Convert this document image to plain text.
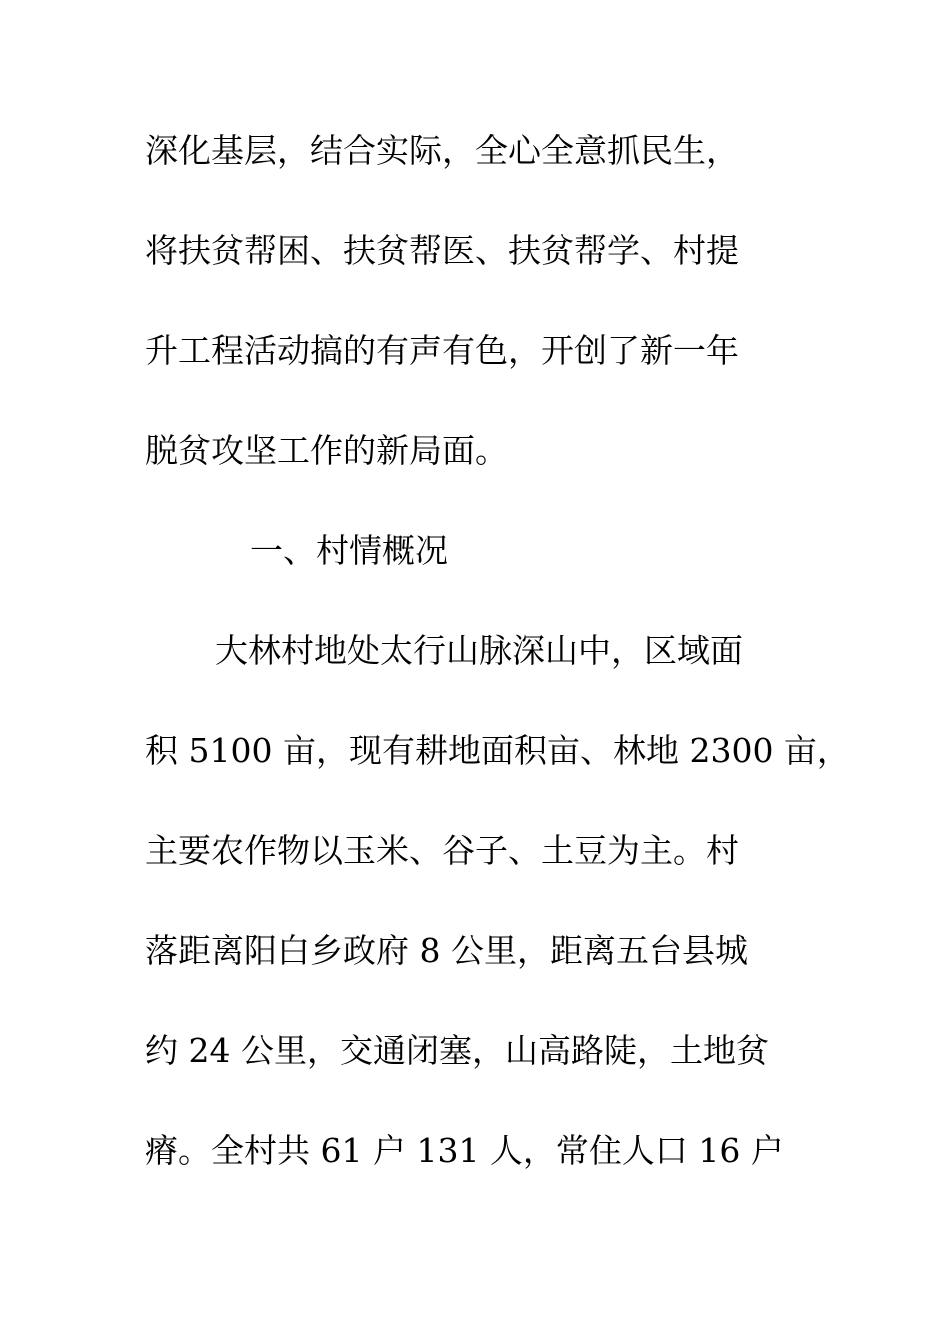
深化基层，结合实际，全心全意抓民生，
将扶贫帮困、扶贫帮医、扶贫帮学、村提
升工程活动搞的有声有色，开创了新一年
脱贫攻坚工作的新局面。
一、村情概况
大林村地处太行山脉深山中，区域面
积 5100 亩，现有耕地面积亩、林地 2300 亩，
主要农作物以玉米、谷子、土豆为主。村
落距离阳白乡政府 8 公里，距离五台县城
约 24 公里，交通闭塞，山高路陡，土地贫
瘠。全村共 61 户 131 人，常住人口 16 户
